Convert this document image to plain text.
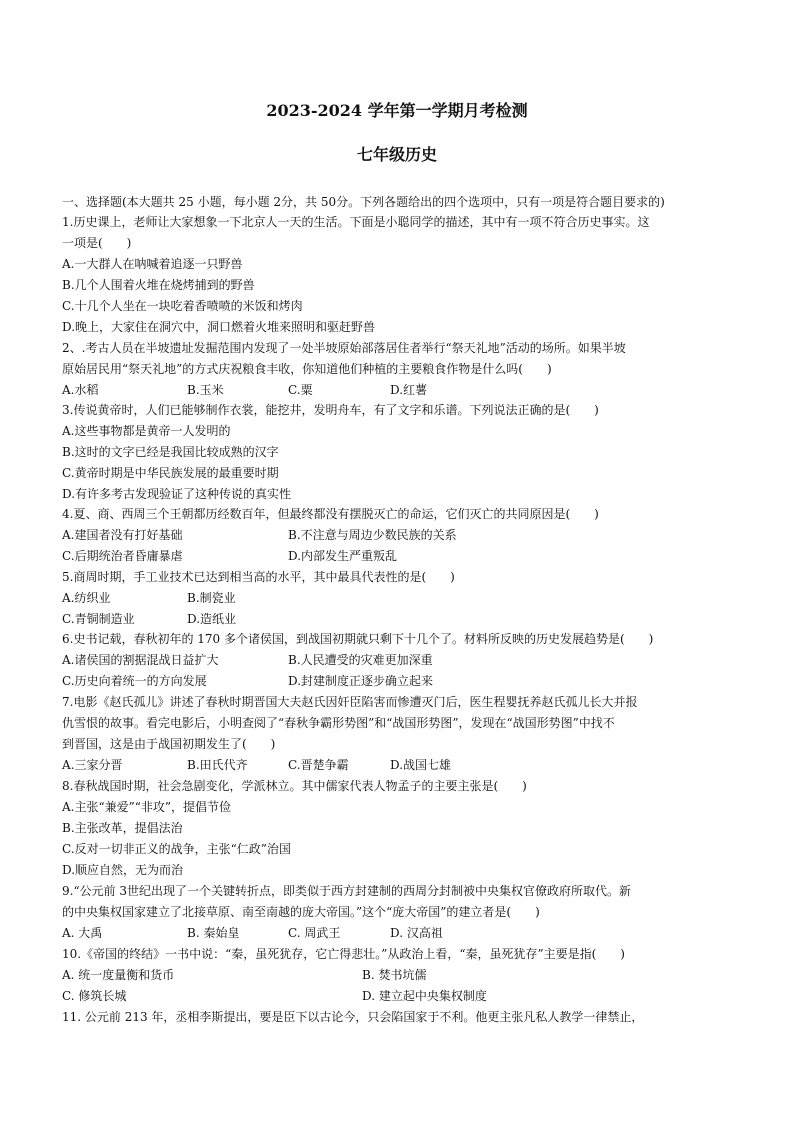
2023-2024 学年第一学期月考检测
七年级历史
一、选择题(本大题共 25 小题，每小题 2分，共 50分。下列各题给出的四个选项中，只有一项是符合题目要求的)
1.历史课上，老师让大家想象一下北京人一天的生活。下面是小聪同学的描述，其中有一项不符合历史事实。这
一项是(　　)
A.一大群人在呐喊着追逐一只野兽
B.几个人围着火堆在烧烤捕到的野兽
C.十几个人坐在一块吃着香喷喷的米饭和烤肉
D.晚上，大家住在洞穴中，洞口燃着火堆来照明和驱赶野兽
2、.考古人员在半坡遗址发掘范围内发现了一处半坡原始部落居住者举行“祭天礼地”活动的场所。如果半坡
原始居民用“祭天礼地”的方式庆祝粮食丰收，你知道他们种植的主要粮食作物是什么吗(　　)
A.水稻	B.玉米	C.粟	D.红薯
3.传说黄帝时，人们已能够制作衣裳，能挖井，发明舟车，有了文字和乐谱。下列说法正确的是(　　)
A.这些事物都是黄帝一人发明的
B.这时的文字已经是我国比较成熟的汉字
C.黄帝时期是中华民族发展的最重要时期
D.有许多考古发现验证了这种传说的真实性
4.夏、商、西周三个王朝都历经数百年，但最终都没有摆脱灭亡的命运，它们灭亡的共同原因是(　　)
A.建国者没有打好基础	B.不注意与周边少数民族的关系
C.后期统治者昏庸暴虐	D.内部发生严重叛乱
5.商周时期，手工业技术已达到相当高的水平，其中最具代表性的是(　　)
A.纺织业	B.制瓷业
C.青铜制造业	D.造纸业
6.史书记载，春秋初年的 170 多个诸侯国，到战国初期就只剩下十几个了。材料所反映的历史发展趋势是(　　)
A.诸侯国的割据混战日益扩大	B.人民遭受的灾难更加深重
C.历史向着统一的方向发展	D.封建制度正逐步确立起来
7.电影《赵氏孤儿》讲述了春秋时期晋国大夫赵氏因奸臣陷害而惨遭灭门后，医生程婴抚养赵氏孤儿长大并报
仇雪恨的故事。看完电影后，小明查阅了“春秋争霸形势图”和“战国形势图”，发现在“战国形势图”中找不
到晋国，这是由于战国初期发生了(　　)
A.三家分晋	B.田氏代齐	C.晋楚争霸	D.战国七雄
8.春秋战国时期，社会急剧变化，学派林立。其中儒家代表人物孟子的主要主张是(　　)
A.主张“兼爱”“非攻”，提倡节俭
B.主张改革，提倡法治
C.反对一切非正义的战争，主张“仁政”治国
D.顺应自然，无为而治
9.“公元前 3世纪出现了一个关键转折点，即类似于西方封建制的西周分封制被中央集权官僚政府所取代。新
的中央集权国家建立了北接草原、南至南越的庞大帝国。”这个“庞大帝国”的建立者是(　　)
A. 大禹	B. 秦始皇	C. 周武王	D. 汉高祖
10.《帝国的终结》一书中说：“秦，虽死犹存，它亡得悲壮。”从政治上看，“秦，虽死犹存”主要是指(　　)
A. 统一度量衡和货币	B. 焚书坑儒
C. 修筑长城	D. 建立起中央集权制度
11. 公元前 213 年，丞相李斯提出，要是臣下以古论今，只会陷国家于不利。他更主张凡私人教学一律禁止，
